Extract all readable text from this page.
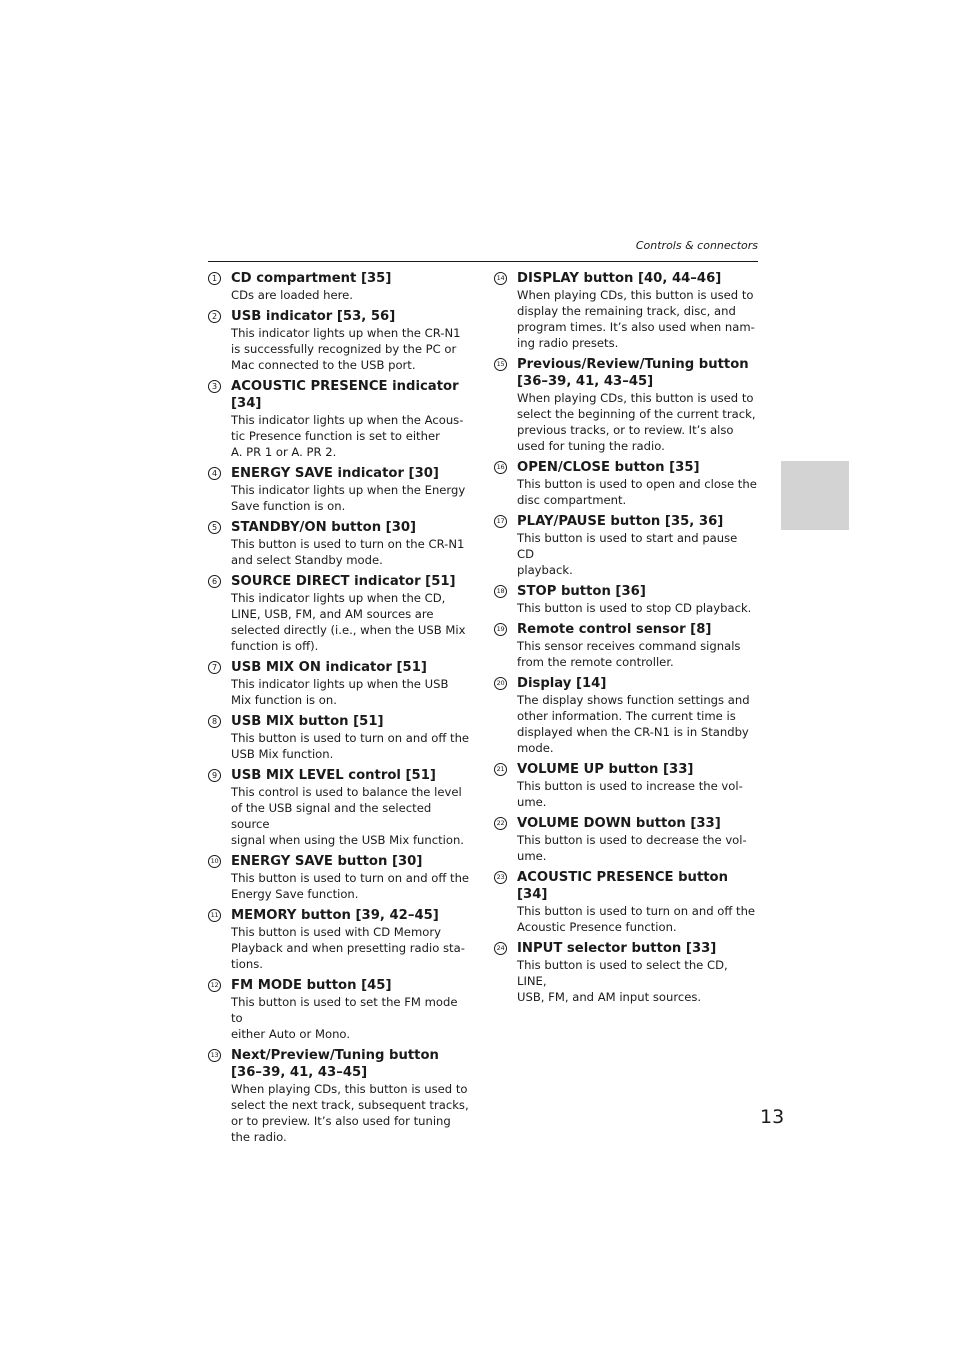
Controls & connectors
1 CD compartment [35]
CDs are loaded here.
2 USB indicator [53, 56]
This indicator lights up when the CR-N1
is successfully recognized by the PC or
Mac connected to the USB port.
3 ACOUSTIC PRESENCE indicator [34]
This indicator lights up when the Acous-
tic Presence function is set to either
A. PR 1 or A. PR 2.
4 ENERGY SAVE indicator [30]
This indicator lights up when the Energy
Save function is on.
5 STANDBY/ON button [30]
This button is used to turn on the CR-N1
and select Standby mode.
6 SOURCE DIRECT indicator [51]
This indicator lights up when the CD,
LINE, USB, FM, and AM sources are
selected directly (i.e., when the USB Mix
function is off).
7 USB MIX ON indicator [51]
This indicator lights up when the USB
Mix function is on.
8 USB MIX button [51]
This button is used to turn on and off the
USB Mix function.
9 USB MIX LEVEL control [51]
This control is used to balance the level
of the USB signal and the selected source
signal when using the USB Mix function.
10 ENERGY SAVE button [30]
This button is used to turn on and off the
Energy Save function.
11 MEMORY button [39, 42–45]
This button is used with CD Memory
Playback and when presetting radio sta-
tions.
12 FM MODE button [45]
This button is used to set the FM mode to
either Auto or Mono.
13 Next/Preview/Tuning button
[36–39, 41, 43–45]
When playing CDs, this button is used to
select the next track, subsequent tracks,
or to preview. It’s also used for tuning
the radio.
14 DISPLAY button [40, 44–46]
When playing CDs, this button is used to
display the remaining track, disc, and
program times. It’s also used when nam-
ing radio presets.
15 Previous/Review/Tuning button
[36–39, 41, 43–45]
When playing CDs, this button is used to
select the beginning of the current track,
previous tracks, or to review. It’s also
used for tuning the radio.
16 OPEN/CLOSE button [35]
This button is used to open and close the
disc compartment.
17 PLAY/PAUSE button [35, 36]
This button is used to start and pause CD
playback.
18 STOP button [36]
This button is used to stop CD playback.
19 Remote control sensor [8]
This sensor receives command signals
from the remote controller.
20 Display [14]
The display shows function settings and
other information. The current time is
displayed when the CR-N1 is in Standby
mode.
21 VOLUME UP button [33]
This button is used to increase the vol-
ume.
22 VOLUME DOWN button [33]
This button is used to decrease the vol-
ume.
23 ACOUSTIC PRESENCE button [34]
This button is used to turn on and off the
Acoustic Presence function.
24 INPUT selector button [33]
This button is used to select the CD, LINE,
USB, FM, and AM input sources.
13
